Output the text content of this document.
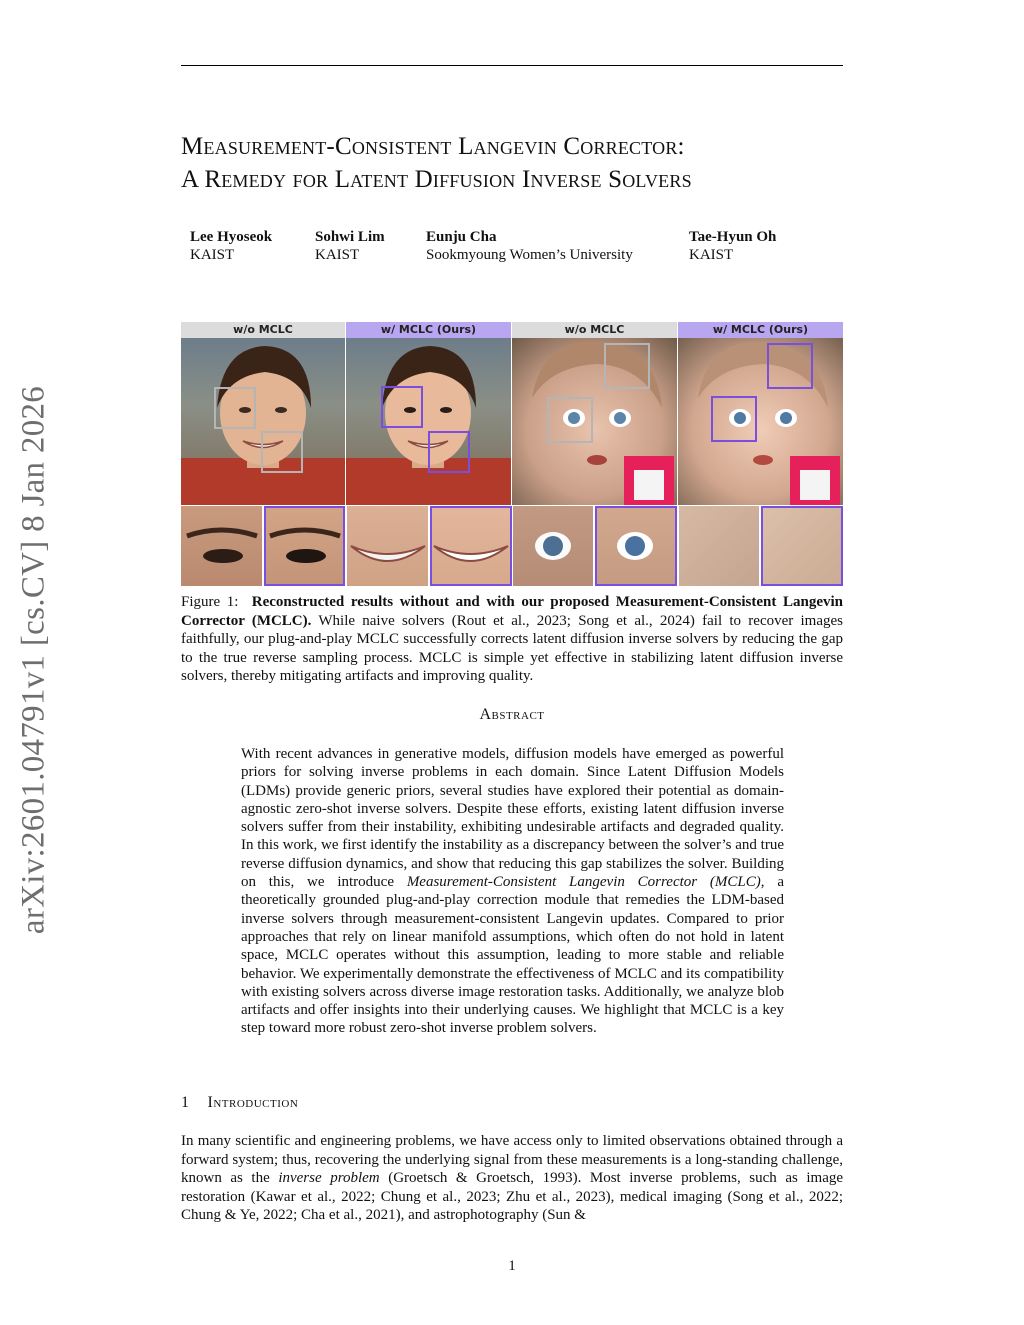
arXiv:2601.04791v1 [cs.CV] 8 Jan 2026
Measurement-Consistent Langevin Corrector:
A Remedy for Latent Diffusion Inverse Solvers
Lee Hyoseok
KAIST
Sohwi Lim
KAIST
Eunju Cha
Sookmyoung Women’s University
Tae-Hyun Oh
KAIST
w/o MCLC	w/ MCLC (Ours)	w/o MCLC	w/ MCLC (Ours)
Figure 1: Reconstructed results without and with our proposed Measurement-Consistent Langevin Corrector (MCLC). While naive solvers (Rout et al., 2023; Song et al., 2024) fail to recover images faithfully, our plug-and-play MCLC successfully corrects latent diffusion inverse solvers by reducing the gap to the true reverse sampling process. MCLC is simple yet effective in stabilizing latent diffusion inverse solvers, thereby mitigating artifacts and improving quality.
Abstract
With recent advances in generative models, diffusion models have emerged as powerful priors for solving inverse problems in each domain. Since Latent Diffusion Models (LDMs) provide generic priors, several studies have explored their potential as domain-agnostic zero-shot inverse solvers. Despite these efforts, existing latent diffusion inverse solvers suffer from their instability, exhibiting undesirable artifacts and degraded quality. In this work, we first identify the instability as a discrepancy between the solver’s and true reverse diffusion dynamics, and show that reducing this gap stabilizes the solver. Building on this, we introduce Measurement-Consistent Langevin Corrector (MCLC), a theoretically grounded plug-and-play correction module that remedies the LDM-based inverse solvers through measurement-consistent Langevin updates. Compared to prior approaches that rely on linear manifold assumptions, which often do not hold in latent space, MCLC operates without this assumption, leading to more stable and reliable behavior. We experimentally demonstrate the effectiveness of MCLC and its compatibility with existing solvers across diverse image restoration tasks. Additionally, we analyze blob artifacts and offer insights into their underlying causes. We highlight that MCLC is a key step toward more robust zero-shot inverse problem solvers.
1 Introduction
In many scientific and engineering problems, we have access only to limited observations obtained through a forward system; thus, recovering the underlying signal from these measurements is a long-standing challenge, known as the inverse problem (Groetsch & Groetsch, 1993). Most inverse problems, such as image restoration (Kawar et al., 2022; Chung et al., 2023; Zhu et al., 2023), medical imaging (Song et al., 2022; Chung & Ye, 2022; Cha et al., 2021), and astrophotography (Sun &
1
